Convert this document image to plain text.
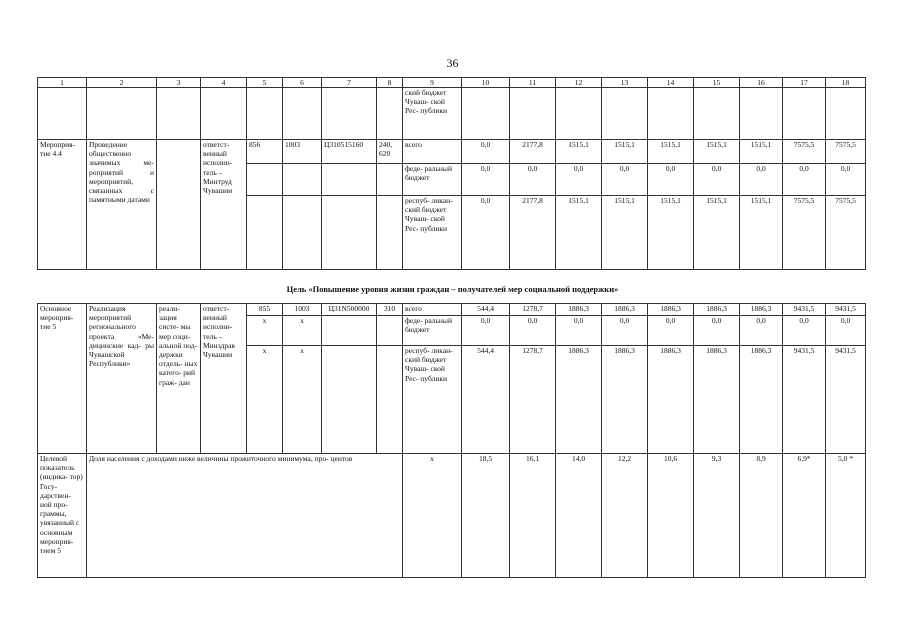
36
1	2	3	4	5	6	7	8	9	10	11	12	13	14	15	16	17	18
								ский бюджет Чуваш- ской Рес- публики									
Мероприя- тие 4.4	Проведение общественно значимых ме- роприятий и мероприятий, связанных с памятными датами		ответст- венный исполни- тель – Минтруд Чувашии	856	1003	Ц310515160	240, 620	всего	0,0	2177,8	1515,1	1515,1	1515,1	1515,1	1515,1	7575,5	7575,5
								феде- ральный бюджет	0,0	0,0	0,0	0,0	0,0	0,0	0,0	0,0	0,0
								респуб- ликан- ский бюджет Чуваш- ской Рес- публики	0,0	2177,8	1515,1	1515,1	1515,1	1515,1	1515,1	7575,5	7575,5
Цель «Повышение уровня жизни граждан – получателей мер социальной поддержки»
Основное мероприя- тие 5	Реализация мероприятий регионального проекта «Ме- дицинские кад- ры Чувашской Республики»	реали- зация систе- мы мер соци- альной под- держки отдель- ных катего- рий граж- дан	ответст- венный исполни- тель – Минздрав Чувашии	855	1003	Ц31N500000	310	всего	544,4	1278,7	1886,3	1886,3	1886,3	1886,3	1886,3	9431,5	9431,5
				x	x			феде- ральный бюджет	0,0	0,0	0,0	0,0	0,0	0,0	0,0	0,0	0,0
				x	x			респуб- ликан- ский бюджет Чуваш- ской Рес- публики	544,4	1278,7	1886,3	1886,3	1886,3	1886,3	1886,3	9431,5	9431,5
Целевой показатель (индика- тор) Госу- дарствен- ной про- граммы, увязанный с основным мероприя- тием 5	Доля населения с доходами ниже величины прожиточного минимума, про- центов							x	18,5	16,1	14,0	12,2	10,6	9,3	8,9	6,9*	5,0 *
